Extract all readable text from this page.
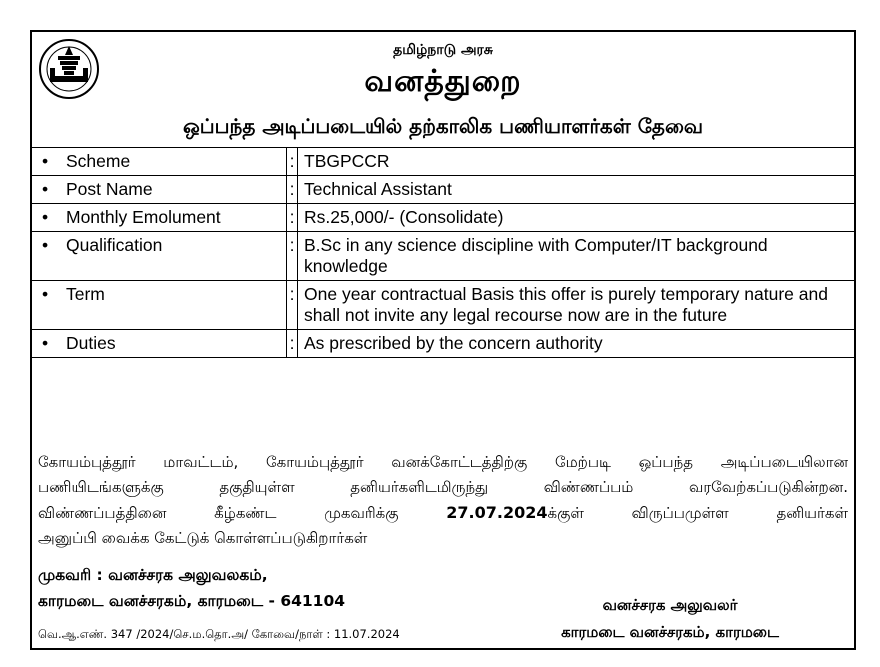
தமிழ்நாடு அரசு
வனத்துறை
ஒப்பந்த அடிப்படையில் தற்காலிக பணியாளர்கள் தேவை
• Scheme	:	TBGPCCR
• Post Name	:	Technical Assistant
• Monthly Emolument	:	Rs.25,000/- (Consolidate)
• Qualification	:	B.Sc in any science discipline with Computer/IT background knowledge
• Term	:	One year contractual Basis this offer is purely temporary nature and shall not invite any legal recourse now are in the future
• Duties	:	As prescribed by the concern authority
கோயம்புத்தூர் மாவட்டம், கோயம்புத்தூர் வனக்கோட்டத்திற்கு மேற்படி ஒப்பந்த அடிப்படையிலான
பணியிடங்களுக்கு தகுதியுள்ள தனியர்களிடமிருந்து விண்ணப்பம் வரவேற்கப்படுகின்றன.
விண்ணப்பத்தினை கீழ்கண்ட முகவரிக்கு 27.07.2024க்குள் விருப்பமுள்ள தனியர்கள்
அனுப்பி வைக்க கேட்டுக் கொள்ளப்படுகிறார்கள்
முகவரி : வனச்சரக அலுவலகம்,
காரமடை வனச்சரகம், காரமடை - 641104
வெ.ஆ.எண். 347 /2024/செ.ம.தொ.அ/ கோவை/நாள் : 11.07.2024
வனச்சரக அலுவலர்
காரமடை வனச்சரகம், காரமடை
